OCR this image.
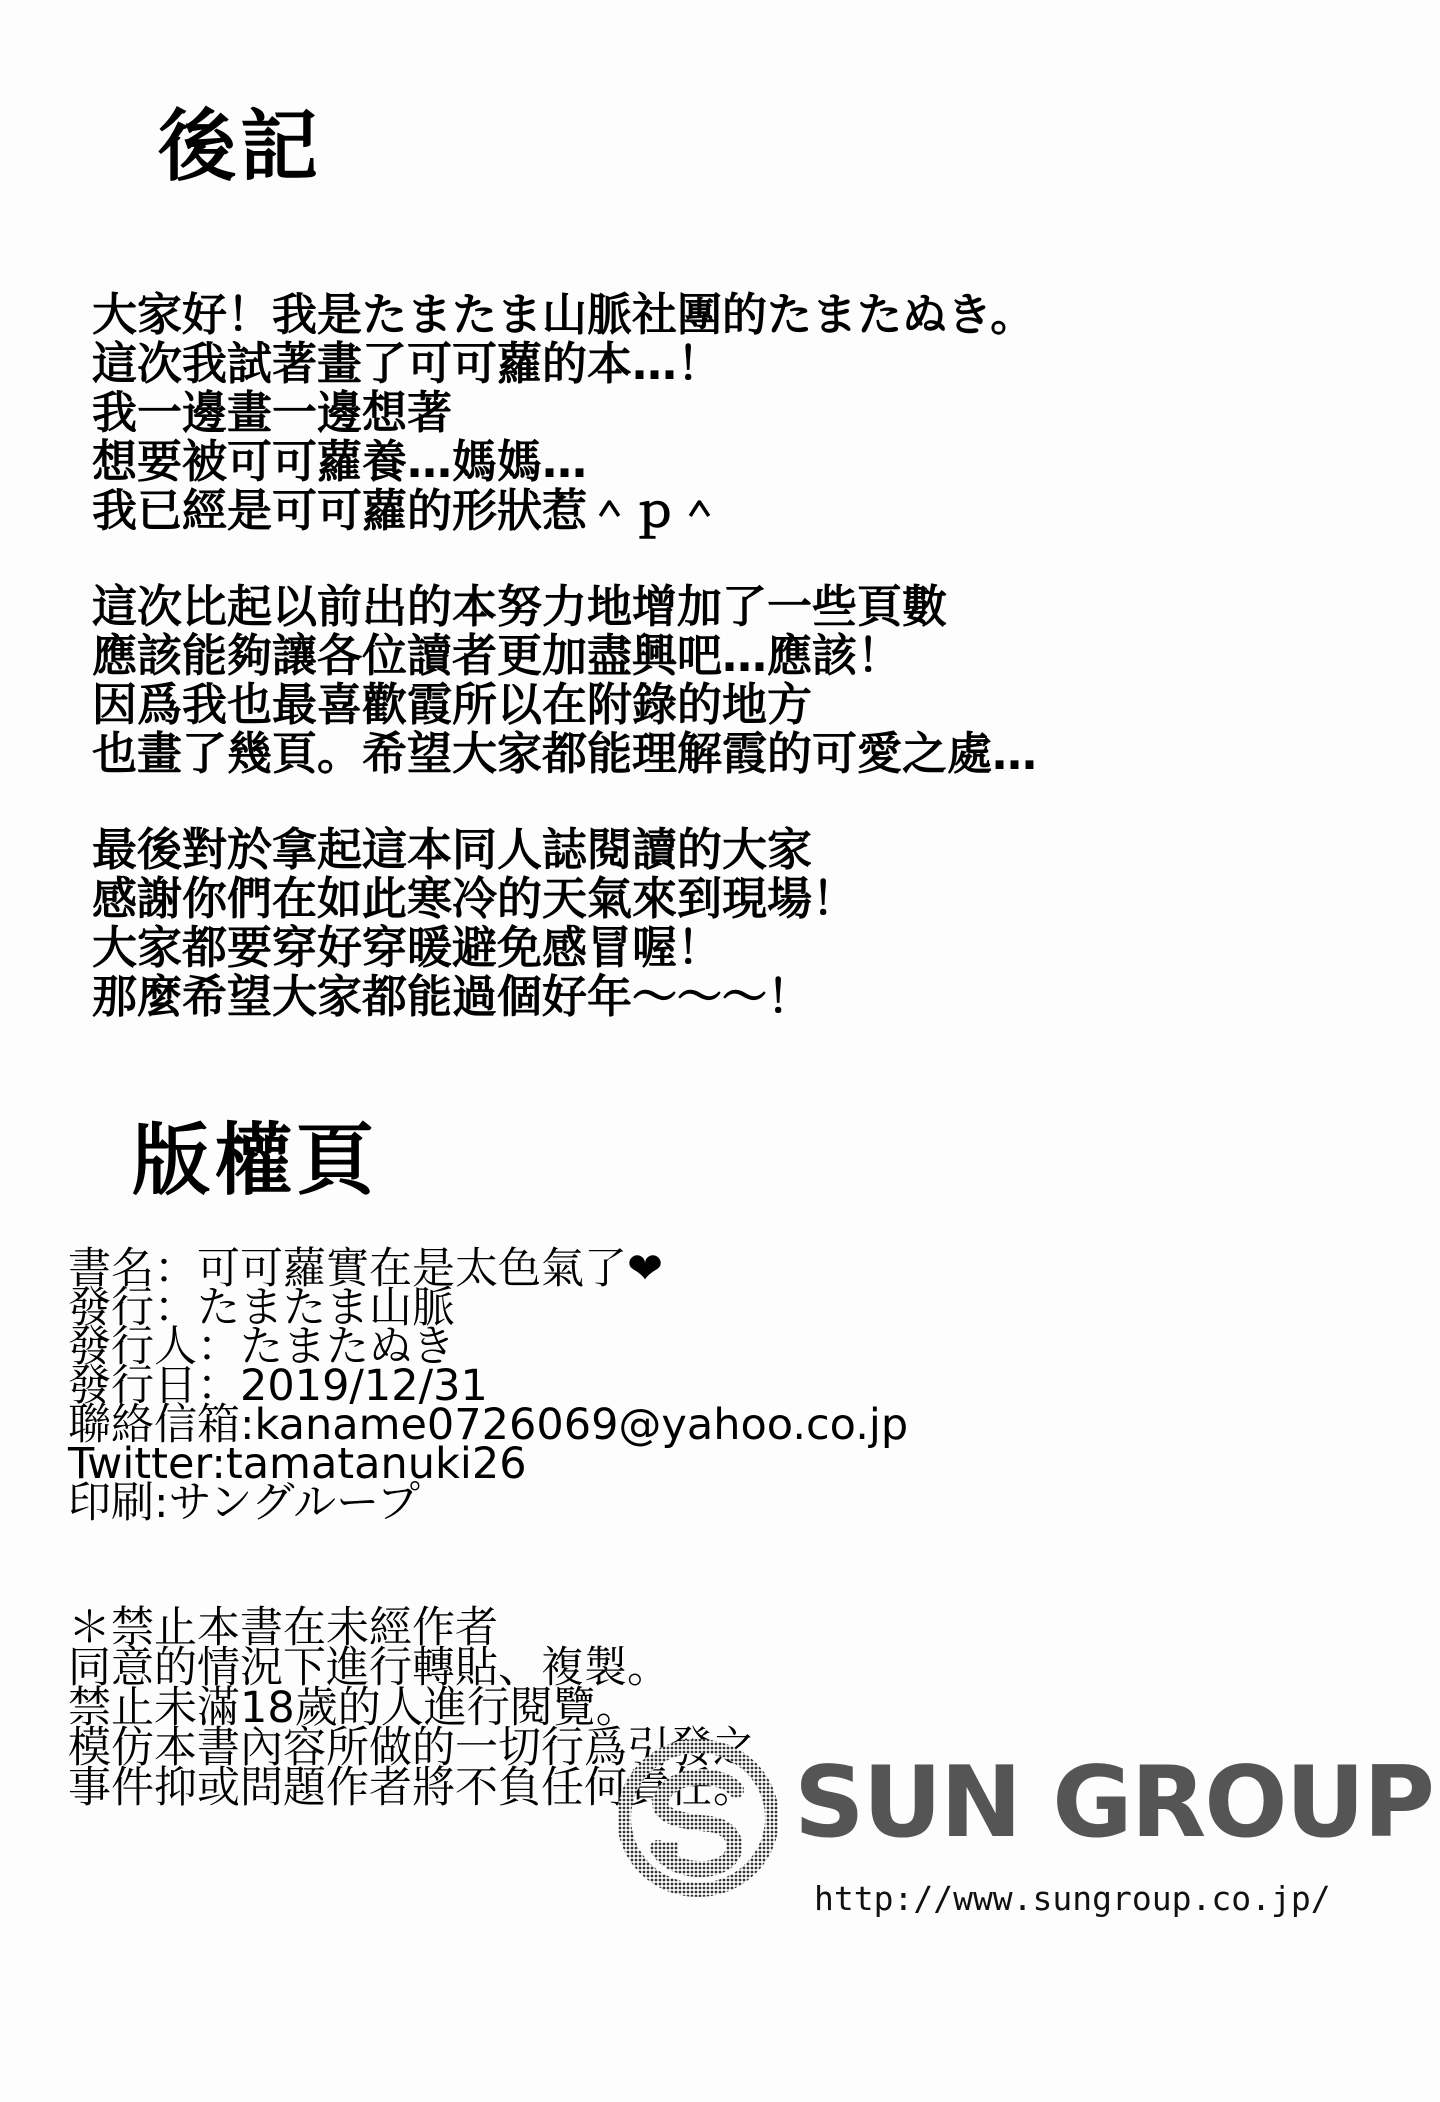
後記
大家好！我是たまたま山脈社團的たまたぬき。
這次我試著畫了可可蘿的本…！
我一邊畫一邊想著
想要被可可蘿養…媽媽…
我已經是可可蘿的形狀惹＾ｐ＾
這次比起以前出的本努力地增加了一些頁數
應該能夠讓各位讀者更加盡興吧…應該！
因爲我也最喜歡霞所以在附錄的地方
也畫了幾頁。希望大家都能理解霞的可愛之處…
最後對於拿起這本同人誌閱讀的大家
感謝你們在如此寒冷的天氣來到現場！
大家都要穿好穿暖避免感冒喔！
那麼希望大家都能過個好年～～～！
版權頁
書名：可可蘿實在是太色氣了❤
發行：たまたま山脈
發行人：たまたぬき
發行日：2019/12/31
聯絡信箱:kaname0726069@yahoo.co.jp
Twitter:tamatanuki26
印刷:サングループ
＊禁止本書在未經作者
同意的情況下進行轉貼、複製。
禁止未滿18歲的人進行閱覽。
模仿本書內容所做的一切行爲引發之
事件抑或問題作者將不負任何責任。 SUN GROUP
http://www.sungroup.co.jp/
